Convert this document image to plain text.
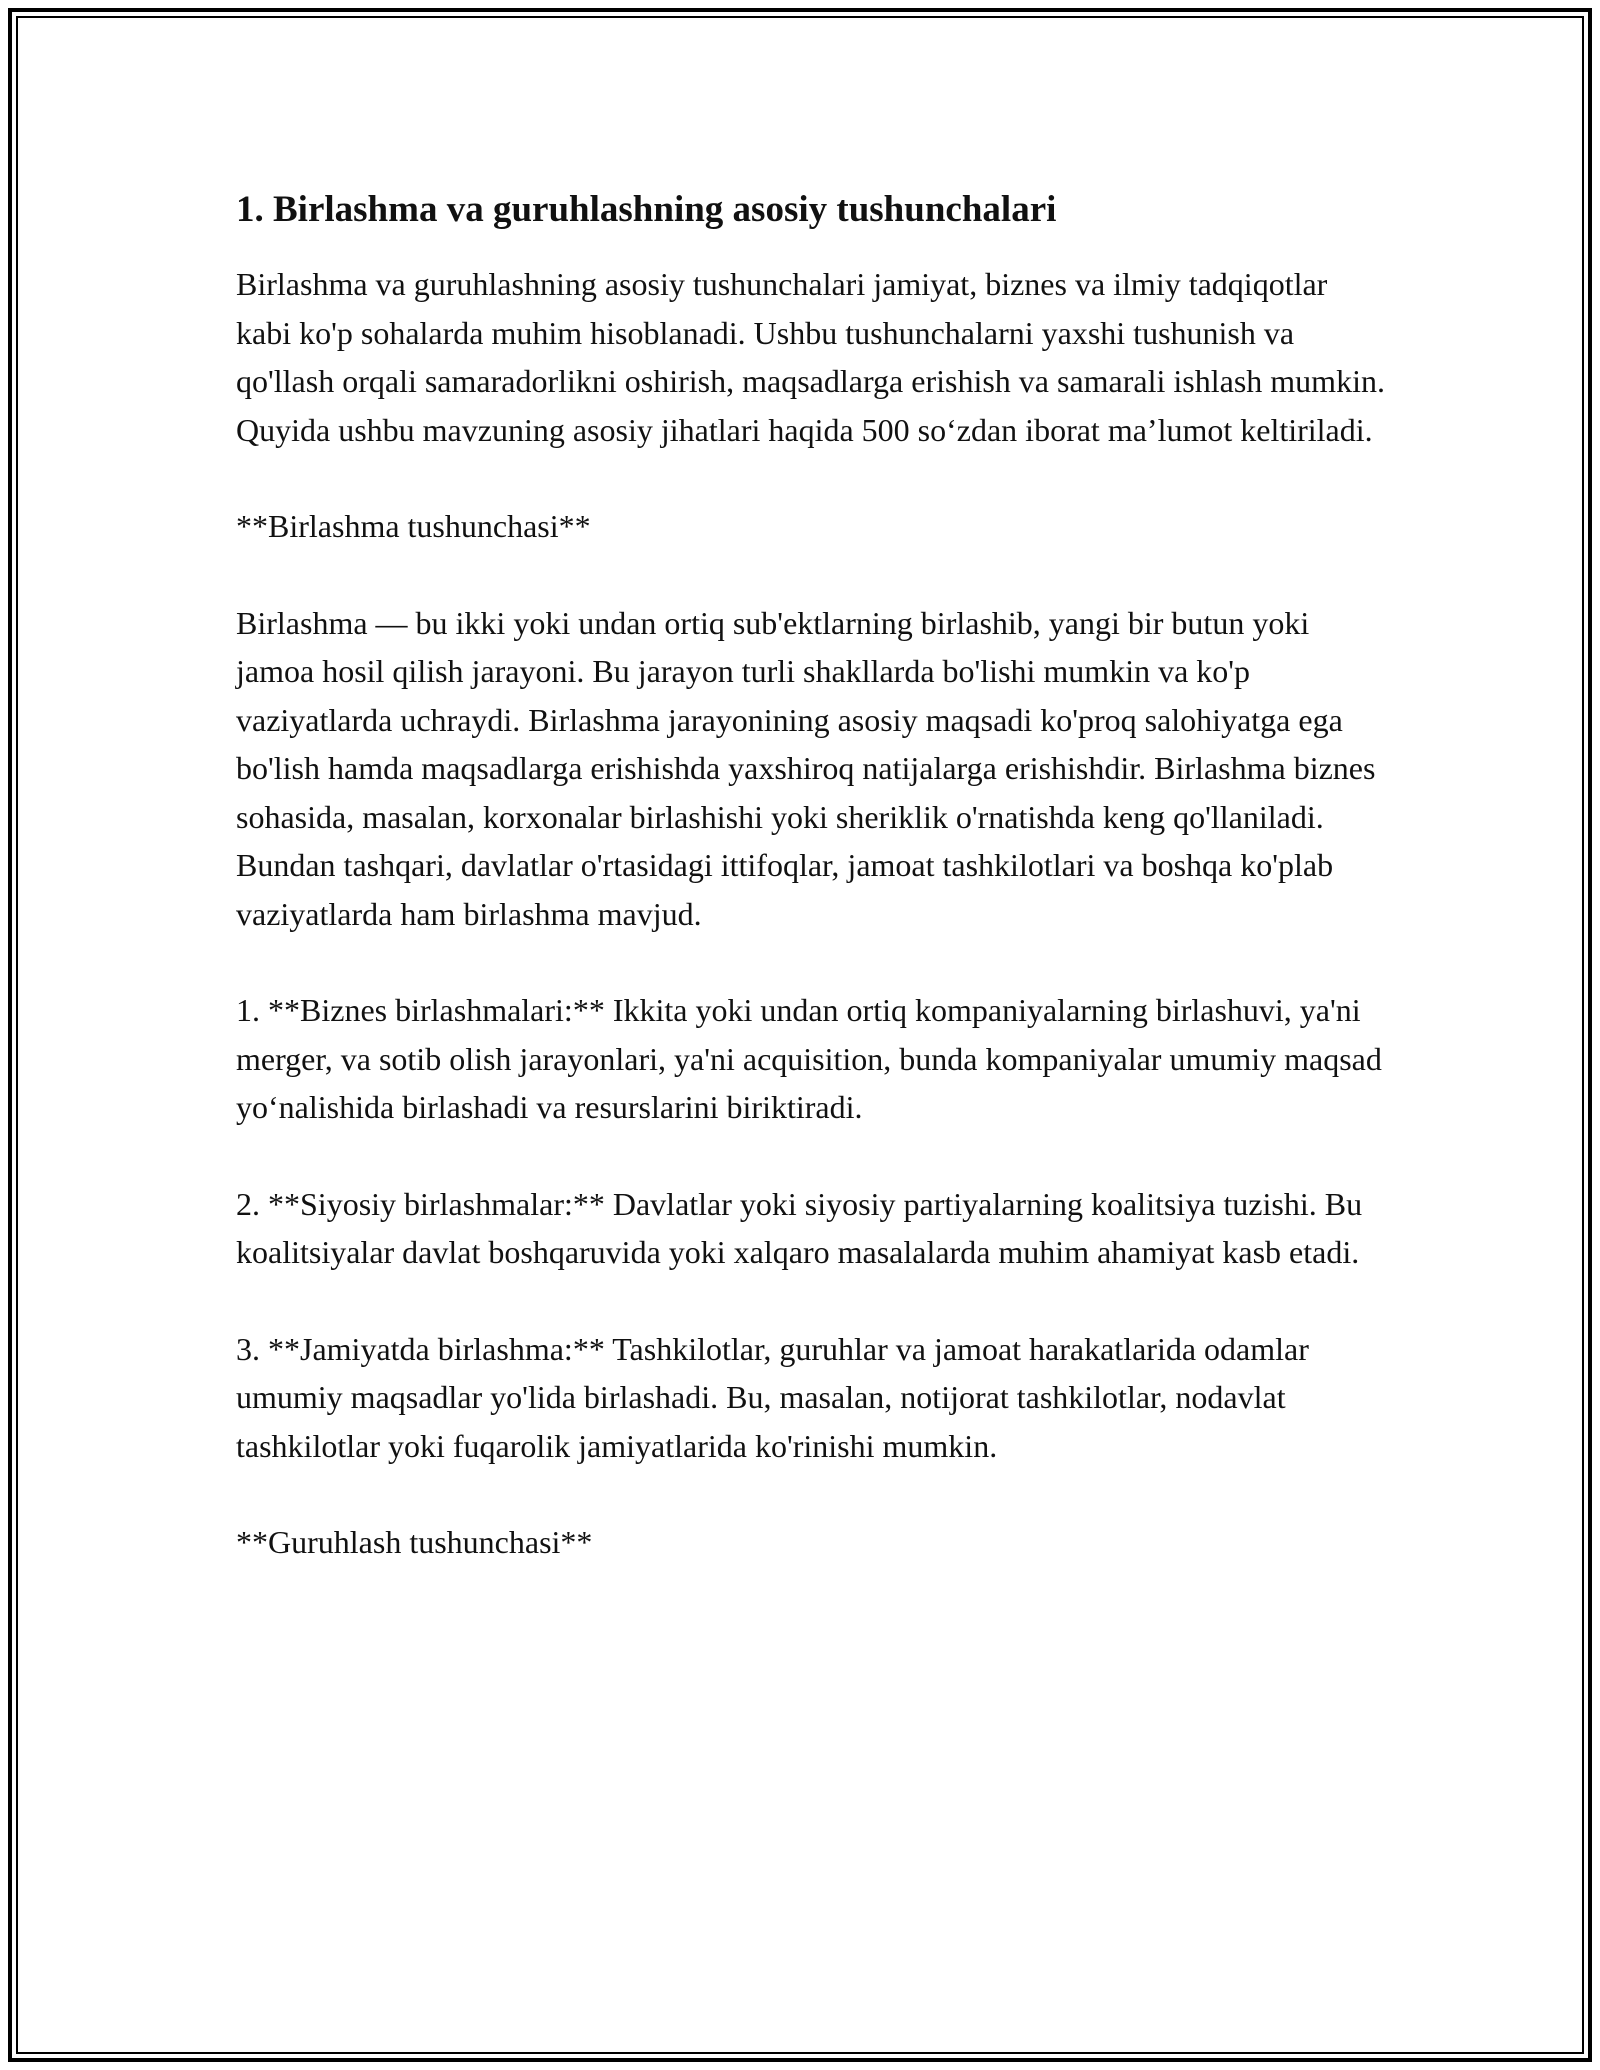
1. Birlashma va guruhlashning asosiy tushunchalari

Birlashma va guruhlashning asosiy tushunchalari jamiyat, biznes va ilmiy tadqiqotlar kabi ko'p sohalarda muhim hisoblanadi. Ushbu tushunchalarni yaxshi tushunish va qo'llash orqali samaradorlikni oshirish, maqsadlarga erishish va samarali ishlash mumkin. Quyida ushbu mavzuning asosiy jihatlari haqida 500 so‘zdan iborat ma’lumot keltiriladi.

**Birlashma tushunchasi**

Birlashma — bu ikki yoki undan ortiq sub'ektlarning birlashib, yangi bir butun yoki jamoa hosil qilish jarayoni. Bu jarayon turli shakllarda bo'lishi mumkin va ko'p vaziyatlarda uchraydi. Birlashma jarayonining asosiy maqsadi ko'proq salohiyatga ega bo'lish hamda maqsadlarga erishishda yaxshiroq natijalarga erishishdir. Birlashma biznes sohasida, masalan, korxonalar birlashishi yoki sheriklik o'rnatishda keng qo'llaniladi. Bundan tashqari, davlatlar o'rtasidagi ittifoqlar, jamoat tashkilotlari va boshqa ko'plab vaziyatlarda ham birlashma mavjud.

1. **Biznes birlashmalari:** Ikkita yoki undan ortiq kompaniyalarning birlashuvi, ya'ni merger, va sotib olish jarayonlari, ya'ni acquisition, bunda kompaniyalar umumiy maqsad yo‘nalishida birlashadi va resurslarini biriktiradi.

2. **Siyosiy birlashmalar:** Davlatlar yoki siyosiy partiyalarning koalitsiya tuzishi. Bu koalitsiyalar davlat boshqaruvida yoki xalqaro masalalarda muhim ahamiyat kasb etadi.

3. **Jamiyatda birlashma:** Tashkilotlar, guruhlar va jamoat harakatlarida odamlar umumiy maqsadlar yo'lida birlashadi. Bu, masalan, notijorat tashkilotlar, nodavlat tashkilotlar yoki fuqarolik jamiyatlarida ko'rinishi mumkin.

**Guruhlash tushunchasi**
